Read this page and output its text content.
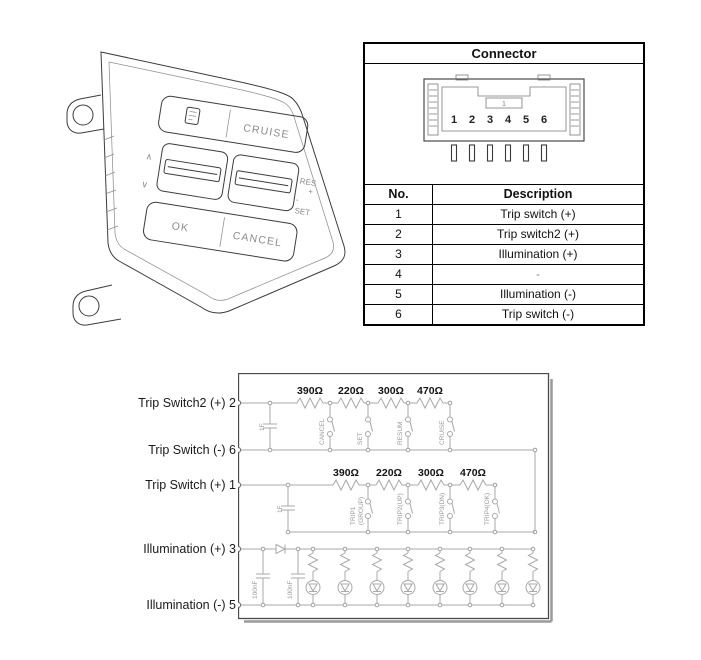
CRUISE
∧
∨	RES
+
-
SET
OK
CANCEL
Connector
1
1 2 3 4 5 6
No.	Description
1	Trip switch (+)
2	Trip switch2 (+)
3	Illumination (+)
4	-
5	Illumination (-)
6	Trip switch (-)
Trip Switch2 (+) 2
Trip Switch (-) 6
Trip Switch (+) 1
Illumination (+) 3
Illumination (-) 5
390Ω 220Ω 300Ω 470Ω
1F	CANCEL	SET	RESUM	CRUISE
390Ω 220Ω 300Ω 470Ω
1F	TRIP1 (GROUP)	TRIP2(UP)	TRIP3(DN)	TRIP4(OK)
100nF	100nF
